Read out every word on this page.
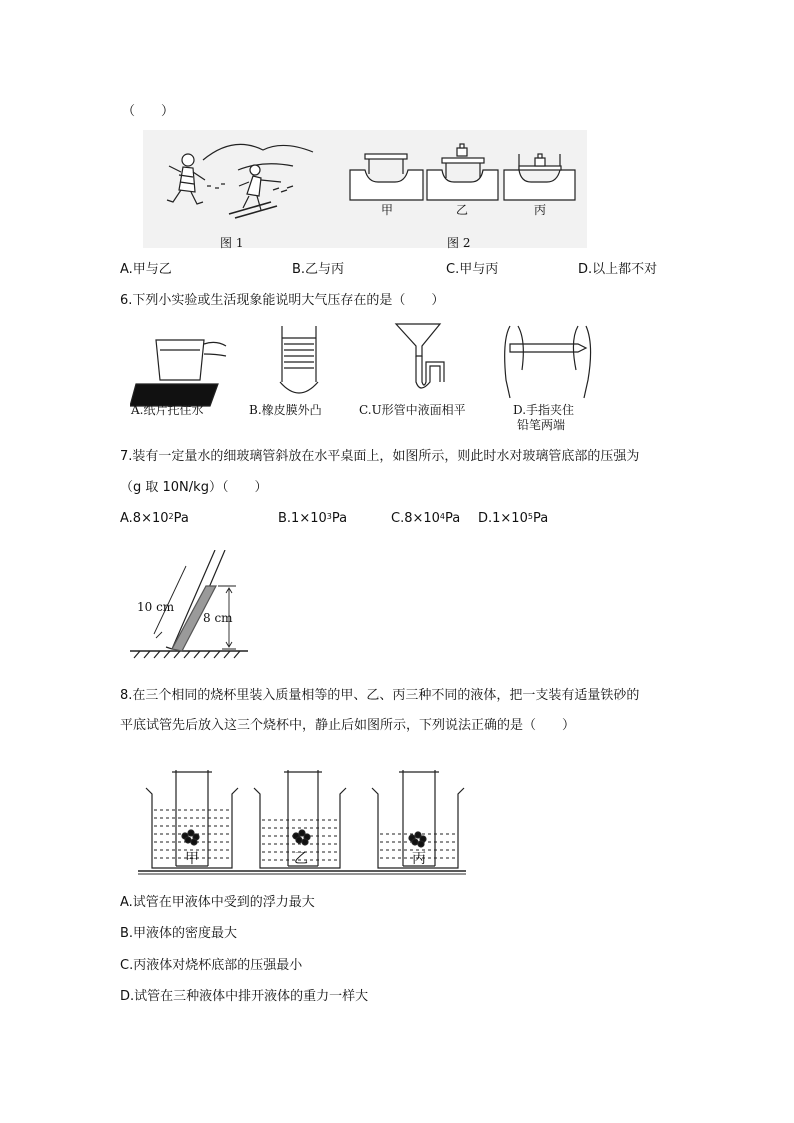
（　　）
图 1	图 2
甲	乙	丙
A.甲与乙	B.乙与丙	C.甲与丙	D.以上都不对
6.下列小实验或生活现象能说明大气压存在的是（　　）
A.纸片托住水	B.橡皮膜外凸	C.U形管中液面相平	D.手指夹住
铅笔两端
7.装有一定量水的细玻璃管斜放在水平桌面上，如图所示，则此时水对玻璃管底部的压强为
（g 取 10N/kg）（　　）
$A.8\times 10^2Pa$	$B.1\times 10^3Pa$	$C.8\times 10^4Pa$ $D.1\times 10^5Pa$
10 cm
8 cm
8.在三个相同的烧杯里装入质量相等的甲、乙、丙三种不同的液体，把一支装有适量铁砂的
平底试管先后放入这三个烧杯中，静止后如图所示，下列说法正确的是（　　）
甲	乙	丙
A.试管在甲液体中受到的浮力最大
B.甲液体的密度最大
C.丙液体对烧杯底部的压强最小
D.试管在三种液体中排开液体的重力一样大
